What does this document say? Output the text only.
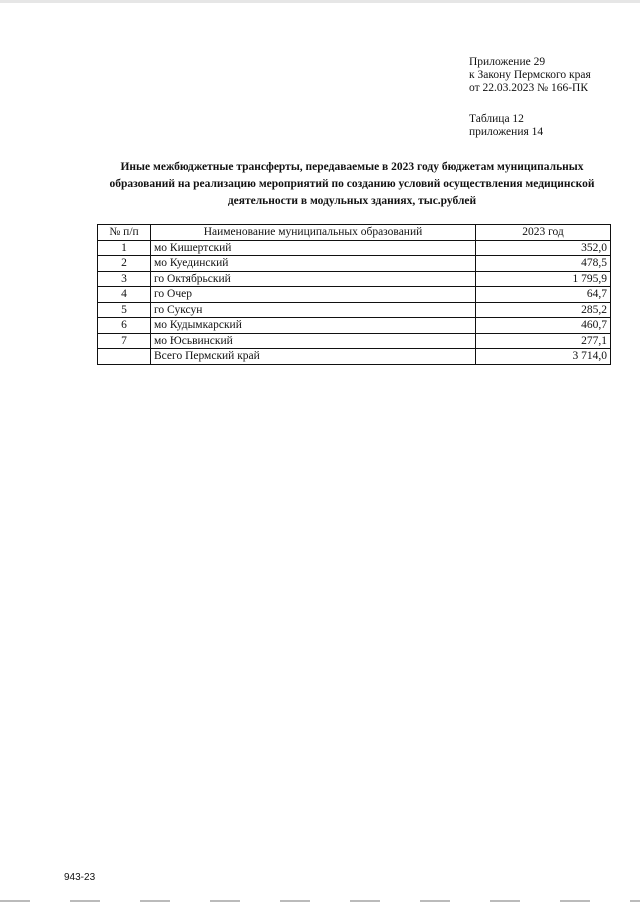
Приложение 29
к Закону Пермского края
от 22.03.2023 № 166-ПК
Таблица 12
приложения 14
Иные межбюджетные трансферты, передаваемые в 2023 году бюджетам муниципальных
образований на реализацию мероприятий по созданию условий осуществления медицинской
деятельности в модульных зданиях, тыс.рублей
№ п/п	Наименование муниципальных образований	2023 год
1	мо Кишертский	352,0
2	мо Куединский	478,5
3	го Октябрьский	1 795,9
4	го Очер	64,7
5	го Суксун	285,2
6	мо Кудымкарский	460,7
7	мо Юсьвинский	277,1
	Всего Пермский край	3 714,0
943-23
